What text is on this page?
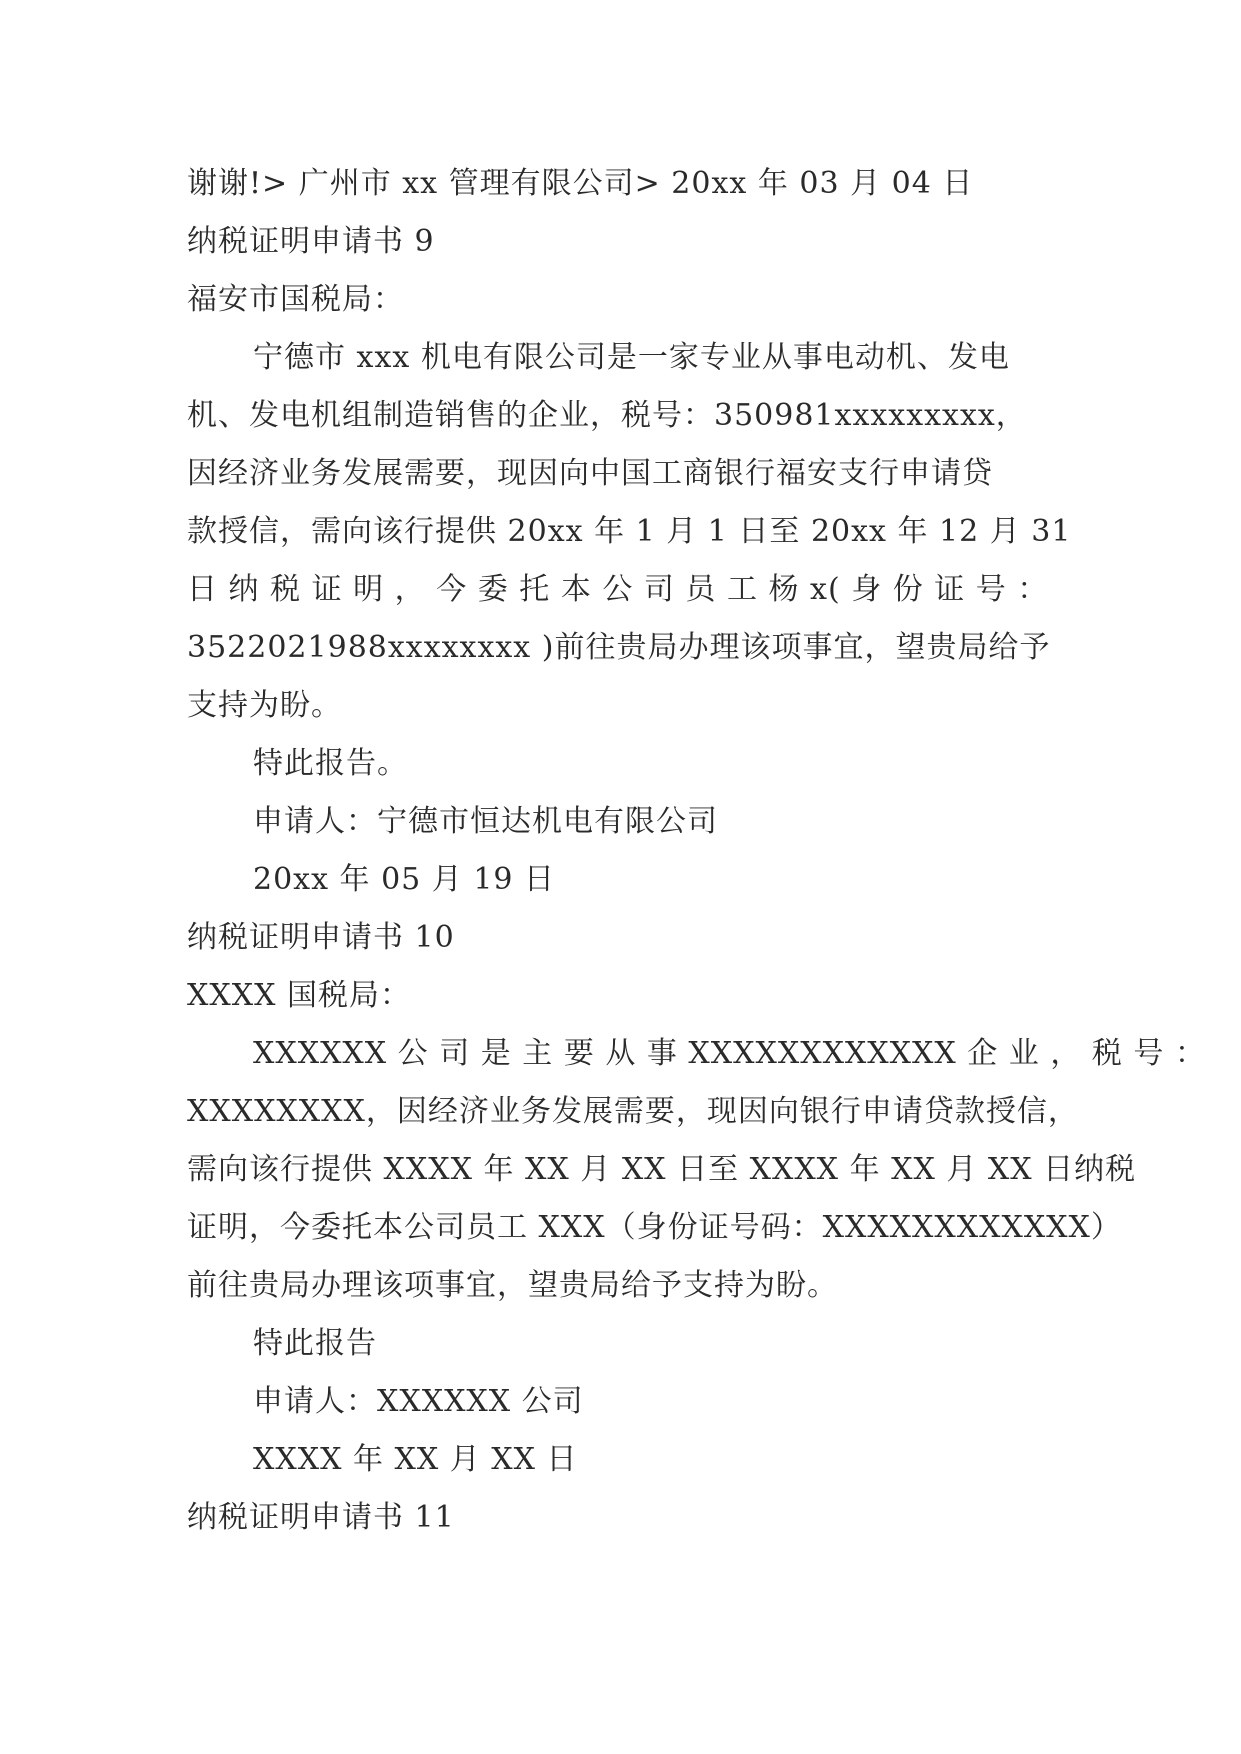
谢谢!> 广州市 xx 管理有限公司> 20xx 年 03 月 04 日
纳税证明申请书 9
福安市国税局：
宁德市 xxx 机电有限公司是一家专业从事电动机、发电
机、发电机组制造销售的企业，税号：350981xxxxxxxxx，
因经济业务发展需要，现因向中国工商银行福安支行申请贷
款授信，需向该行提供 20xx 年 1 月 1 日至 20xx 年 12 月 31
日 纳 税 证 明 ， 今 委 托 本 公 司 员 工 杨 x( 身 份 证 号 ：
3522021988xxxxxxxx )前往贵局办理该项事宜，望贵局给予
支持为盼。
特此报告。
申请人：宁德市恒达机电有限公司
20xx 年 05 月 19 日
纳税证明申请书 10
XXXX 国税局：
XXXXXX 公 司 是 主 要 从 事 XXXXXXXXXXXX 企 业 ， 税 号 ：
XXXXXXXX，因经济业务发展需要，现因向银行申请贷款授信，
需向该行提供 XXXX 年 XX 月 XX 日至 XXXX 年 XX 月 XX 日纳税
证明，今委托本公司员工 XXX（身份证号码：XXXXXXXXXXXX）
前往贵局办理该项事宜，望贵局给予支持为盼。
特此报告
申请人：XXXXXX 公司
XXXX 年 XX 月 XX 日
纳税证明申请书 11
